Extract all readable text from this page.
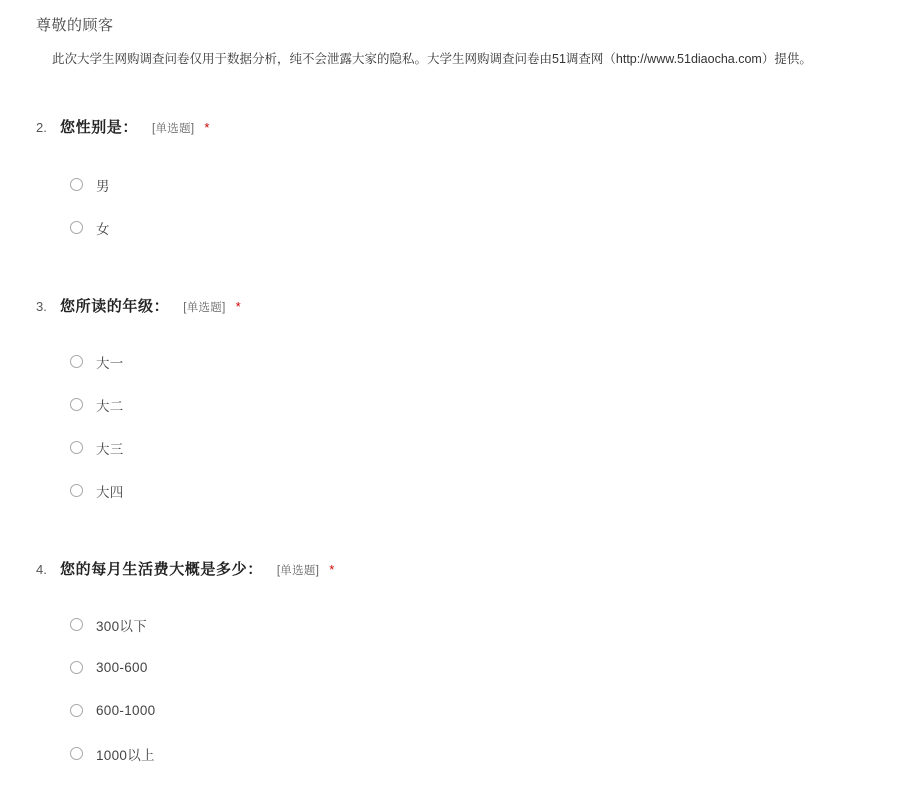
尊敬的顾客
此次大学生网购调查问卷仅用于数据分析，纯不会泄露大家的隐私。大学生网购调查问卷由51调查网（http://www.51diaocha.com）提供。
2. 您性别是： [单选题] *
男
女
3. 您所读的年级： [单选题] *
大一
大二
大三
大四
4. 您的每月生活费大概是多少： [单选题] *
300以下
300-600
600-1000
1000以上
